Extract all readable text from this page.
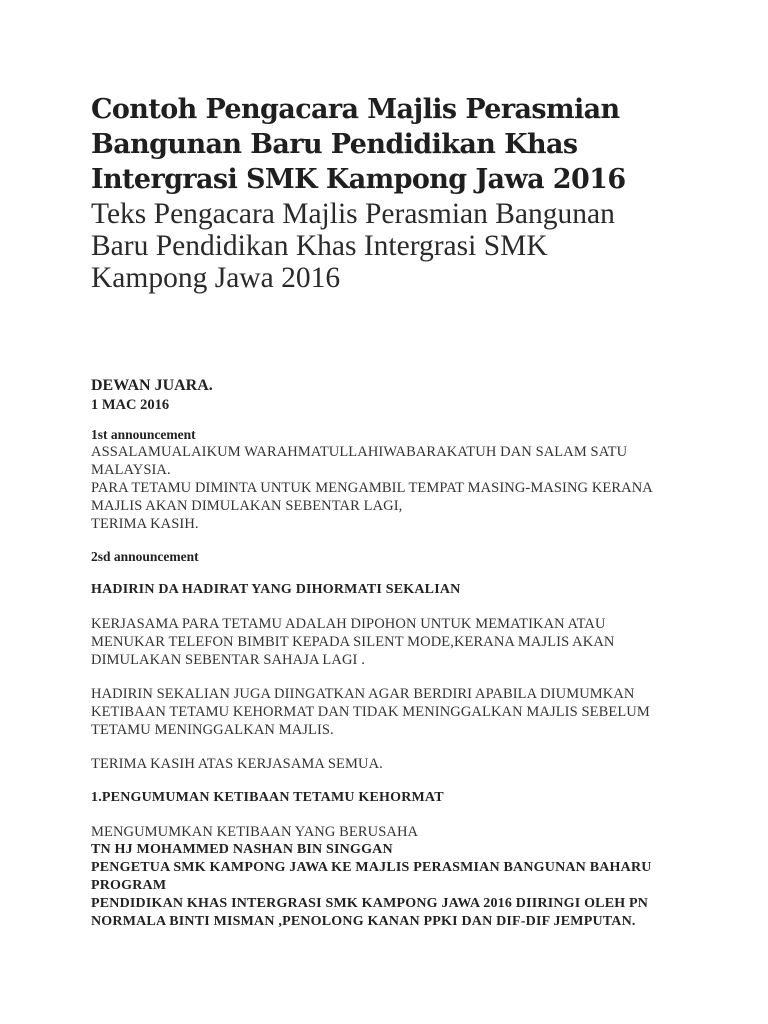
Contoh Pengacara Majlis Perasmian

Bangunan Baru Pendidikan Khas

Intergrasi SMK Kampong Jawa 2016

Teks Pengacara Majlis Perasmian Bangunan

Baru Pendidikan Khas Intergrasi SMK

Kampong Jawa 2016

DEWAN JUARA.
1 MAC 2016
1st announcement
ASSALAMUALAIKUM WARAHMATULLAHIWABARAKATUH DAN SALAM SATU
MALAYSIA.
PARA TETAMU DIMINTA UNTUK MENGAMBIL TEMPAT MASING-MASING KERANA
MAJLIS AKAN DIMULAKAN SEBENTAR LAGI,
TERIMA KASIH.
2sd announcement
HADIRIN DA HADIRAT YANG DIHORMATI SEKALIAN
KERJASAMA PARA TETAMU ADALAH DIPOHON UNTUK MEMATIKAN ATAU
MENUKAR TELEFON BIMBIT KEPADA SILENT MODE,KERANA MAJLIS AKAN
DIMULAKAN SEBENTAR SAHAJA LAGI .
HADIRIN SEKALIAN JUGA DIINGATKAN AGAR BERDIRI APABILA DIUMUMKAN
KETIBAAN TETAMU KEHORMAT DAN TIDAK MENINGGALKAN MAJLIS SEBELUM
TETAMU MENINGGALKAN MAJLIS.
TERIMA KASIH ATAS KERJASAMA SEMUA.
1.PENGUMUMAN KETIBAAN TETAMU KEHORMAT
MENGUMUMKAN KETIBAAN YANG BERUSAHA
TN HJ MOHAMMED NASHAN BIN SINGGAN
PENGETUA SMK KAMPONG JAWA KE MAJLIS PERASMIAN BANGUNAN BAHARU PROGRAM
PENDIDIKAN KHAS INTERGRASI SMK KAMPONG JAWA 2016 DIIRINGI OLEH PN
NORMALA BINTI MISMAN ,PENOLONG KANAN PPKI DAN DIF-DIF JEMPUTAN.
